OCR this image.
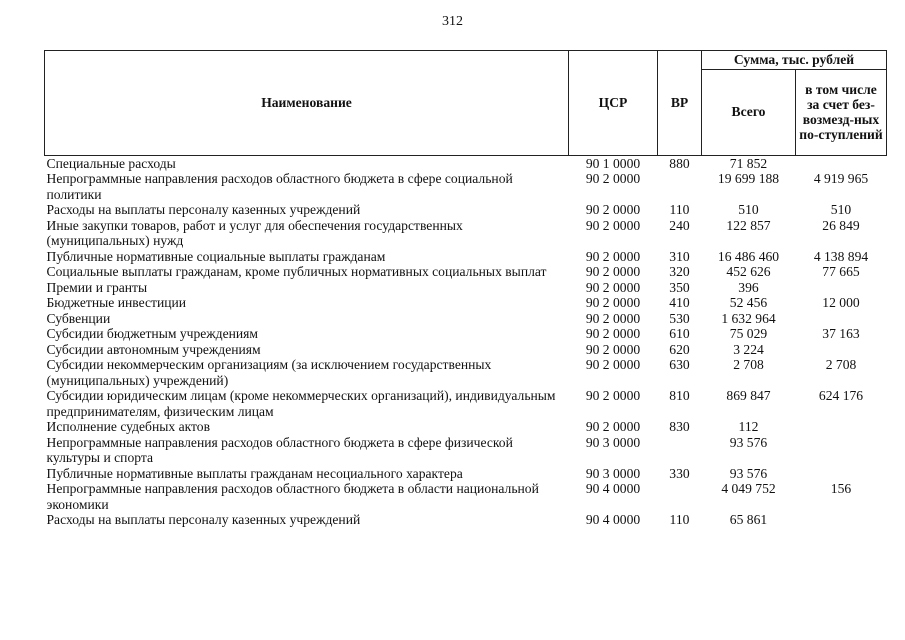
312
Наименование	ЦСР	ВР	Сумма, тыс. рублей	
			Всего	в том числе за счет без-возмезд-ных по-ступлений
Специальные расходы	90 1 0000	880	71 852	
Непрограммные направления расходов областного бюджета в сфере социальной политики	90 2 0000		19 699 188	4 919 965
Расходы на выплаты персоналу казенных учреждений	90 2 0000	110	510	510
Иные закупки товаров, работ и услуг для обеспечения государственных (муниципальных) нужд	90 2 0000	240	122 857	26 849
Публичные нормативные социальные выплаты гражданам	90 2 0000	310	16 486 460	4 138 894
Социальные выплаты гражданам, кроме публичных нормативных социальных выплат	90 2 0000	320	452 626	77 665
Премии и гранты	90 2 0000	350	396	
Бюджетные инвестиции	90 2 0000	410	52 456	12 000
Субвенции	90 2 0000	530	1 632 964	
Субсидии бюджетным учреждениям	90 2 0000	610	75 029	37 163
Субсидии автономным учреждениям	90 2 0000	620	3 224	
Субсидии некоммерческим организациям (за исключением государственных (муниципальных) учреждений)	90 2 0000	630	2 708	2 708
Субсидии юридическим лицам (кроме некоммерческих организаций), индивидуальным предпринимателям, физическим лицам	90 2 0000	810	869 847	624 176
Исполнение судебных актов	90 2 0000	830	112	
Непрограммные направления расходов областного бюджета в сфере физической культуры и спорта	90 3 0000		93 576	
Публичные нормативные выплаты гражданам несоциального характера	90 3 0000	330	93 576	
Непрограммные направления расходов областного бюджета в области национальной экономики	90 4 0000		4 049 752	156
Расходы на выплаты персоналу казенных учреждений	90 4 0000	110	65 861	
